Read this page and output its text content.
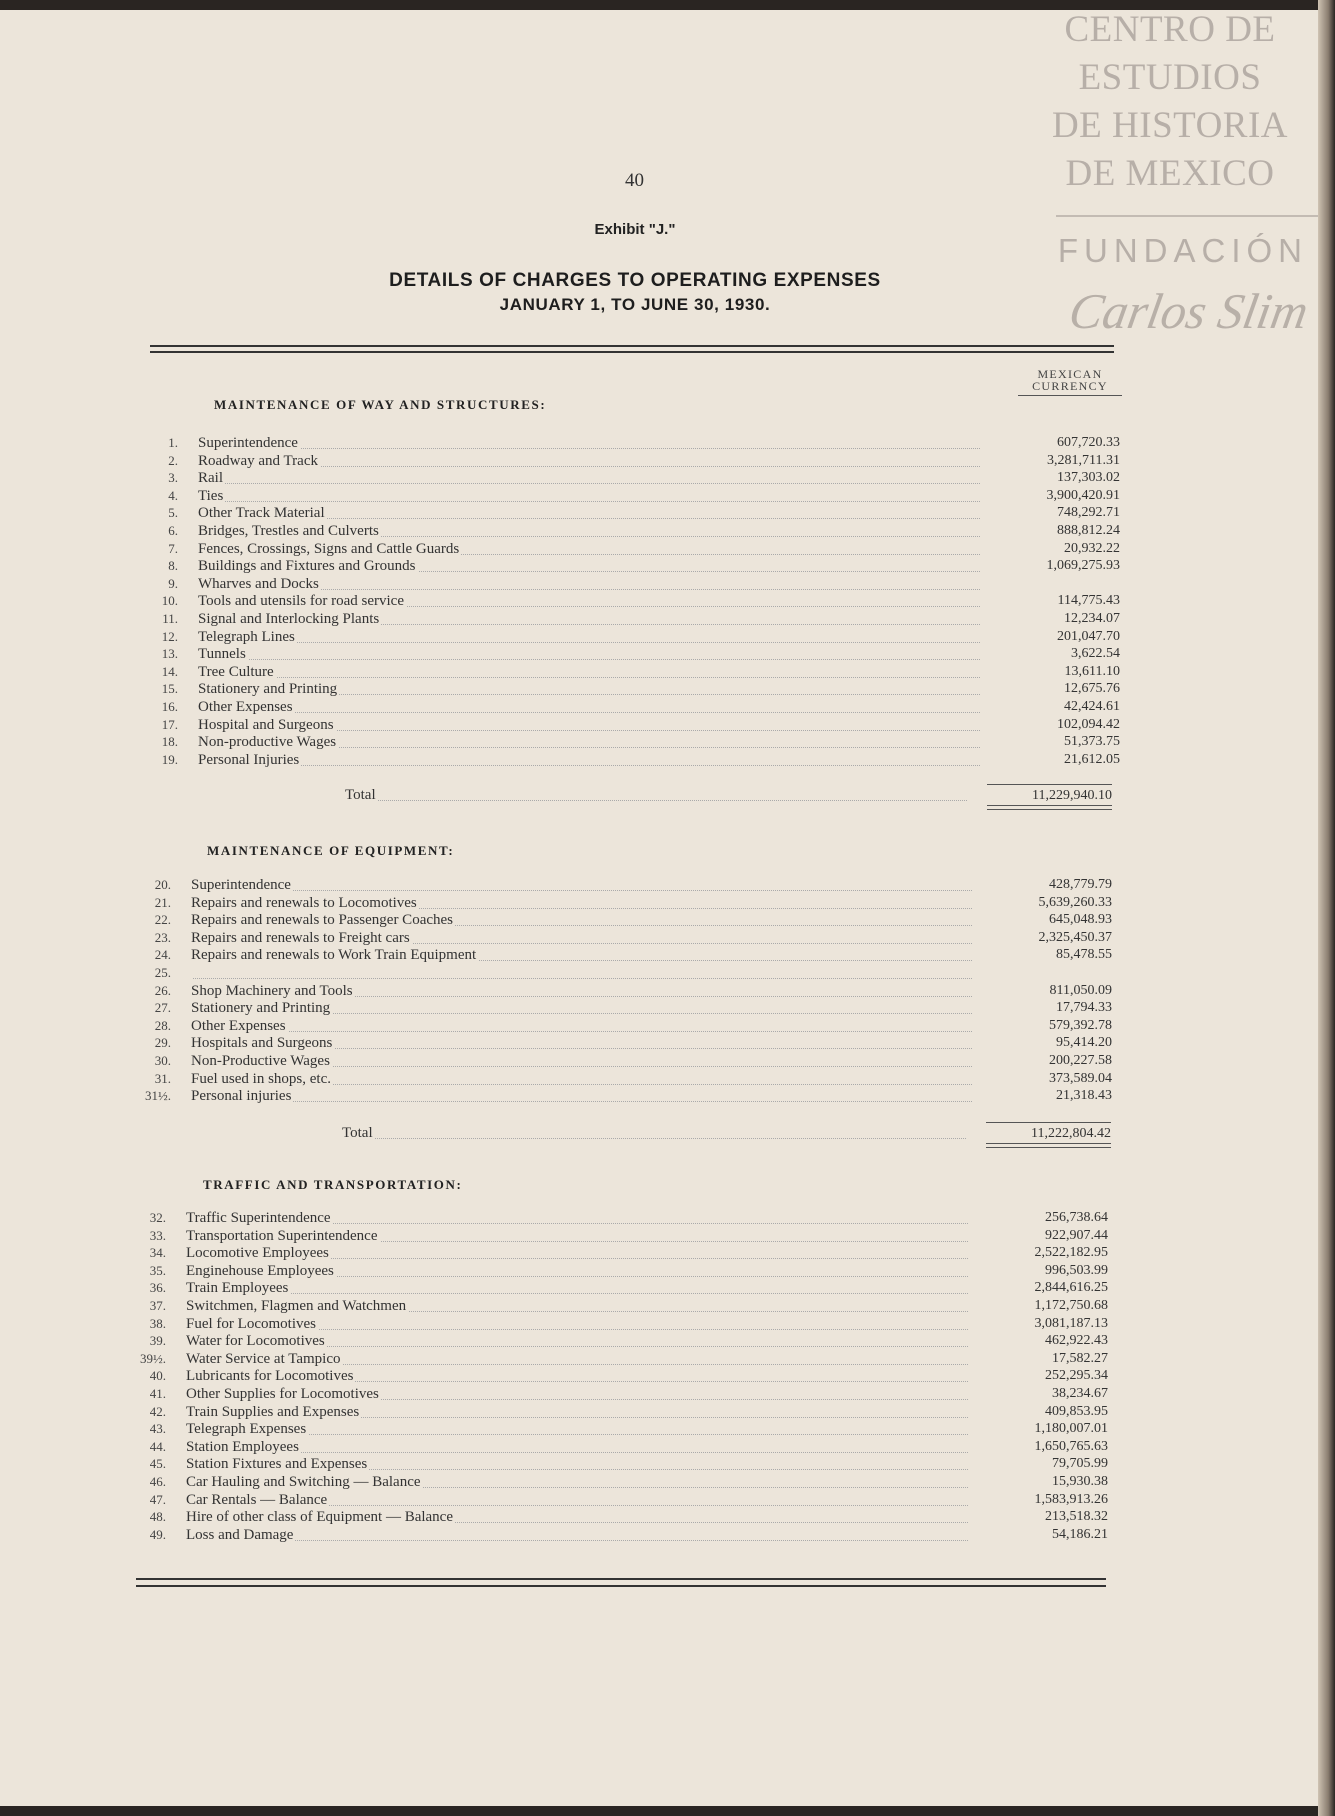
CENTRO DE
ESTUDIOS
DE HISTORIA
DE MEXICO
FUNDACIÓN
Carlos Slim
40
Exhibit "J."
DETAILS OF CHARGES TO OPERATING EXPENSES
JANUARY 1, TO JUNE 30, 1930.
MEXICAN
CURRENCY
MAINTENANCE OF WAY AND STRUCTURES:
1. Superintendence	607,720.33
2. Roadway and Track	3,281,711.31
3. Rail	137,303.02
4. Ties	3,900,420.91
5. Other Track Material	748,292.71
6. Bridges, Trestles and Culverts	888,812.24
7. Fences, Crossings, Signs and Cattle Guards	20,932.22
8. Buildings and Fixtures and Grounds	1,069,275.93
9. Wharves and Docks
10. Tools and utensils for road service	114,775.43
11. Signal and Interlocking Plants	12,234.07
12. Telegraph Lines	201,047.70
13. Tunnels	3,622.54
14. Tree Culture	13,611.10
15. Stationery and Printing	12,675.76
16. Other Expenses	42,424.61
17. Hospital and Surgeons	102,094.42
18. Non-productive Wages	51,373.75
19. Personal Injuries	21,612.05
Total	11,229,940.10
MAINTENANCE OF EQUIPMENT:
20. Superintendence	428,779.79
21. Repairs and renewals to Locomotives	5,639,260.33
22. Repairs and renewals to Passenger Coaches	645,048.93
23. Repairs and renewals to Freight cars	2,325,450.37
24. Repairs and renewals to Work Train Equipment	85,478.55
25.
26. Shop Machinery and Tools	811,050.09
27. Stationery and Printing	17,794.33
28. Other Expenses	579,392.78
29. Hospitals and Surgeons	95,414.20
30. Non-Productive Wages	200,227.58
31. Fuel used in shops, etc.	373,589.04
31½. Personal injuries	21,318.43
Total	11,222,804.42
TRAFFIC AND TRANSPORTATION:
32. Traffic Superintendence	256,738.64
33. Transportation Superintendence	922,907.44
34. Locomotive Employees	2,522,182.95
35. Enginehouse Employees	996,503.99
36. Train Employees	2,844,616.25
37. Switchmen, Flagmen and Watchmen	1,172,750.68
38. Fuel for Locomotives	3,081,187.13
39. Water for Locomotives	462,922.43
39½. Water Service at Tampico	17,582.27
40. Lubricants for Locomotives	252,295.34
41. Other Supplies for Locomotives	38,234.67
42. Train Supplies and Expenses	409,853.95
43. Telegraph Expenses	1,180,007.01
44. Station Employees	1,650,765.63
45. Station Fixtures and Expenses	79,705.99
46. Car Hauling and Switching — Balance	15,930.38
47. Car Rentals — Balance	1,583,913.26
48. Hire of other class of Equipment — Balance	213,518.32
49. Loss and Damage	54,186.21
